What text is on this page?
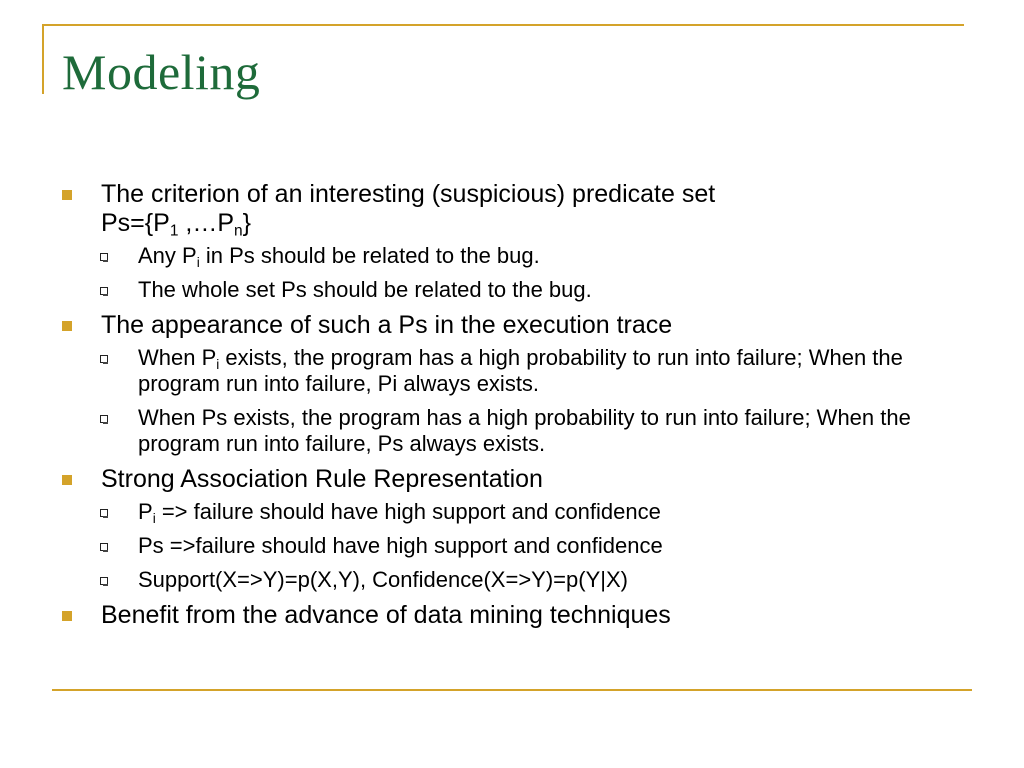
Modeling
The criterion of an interesting (suspicious) predicate set
$Ps=\{P_1$ $,\dots P_n$}
Any $P_i$ in Ps should be related to the bug.
The whole set Ps should be related to the bug.
The appearance of such a Ps in the execution trace
When $P_i$ exists, the program has a high probability to run into failure; When the program run into failure, Pi always exists.
When Ps exists, the program has a high probability to run into failure; When the program run into failure, Ps always exists.
Strong Association Rule Representation
$P_i$ => failure should have high support and confidence
Ps =>failure should have high support and confidence
Support(X=>Y)=p(X,Y), Confidence(X=>Y)=p(Y|X)
Benefit from the advance of data mining techniques
